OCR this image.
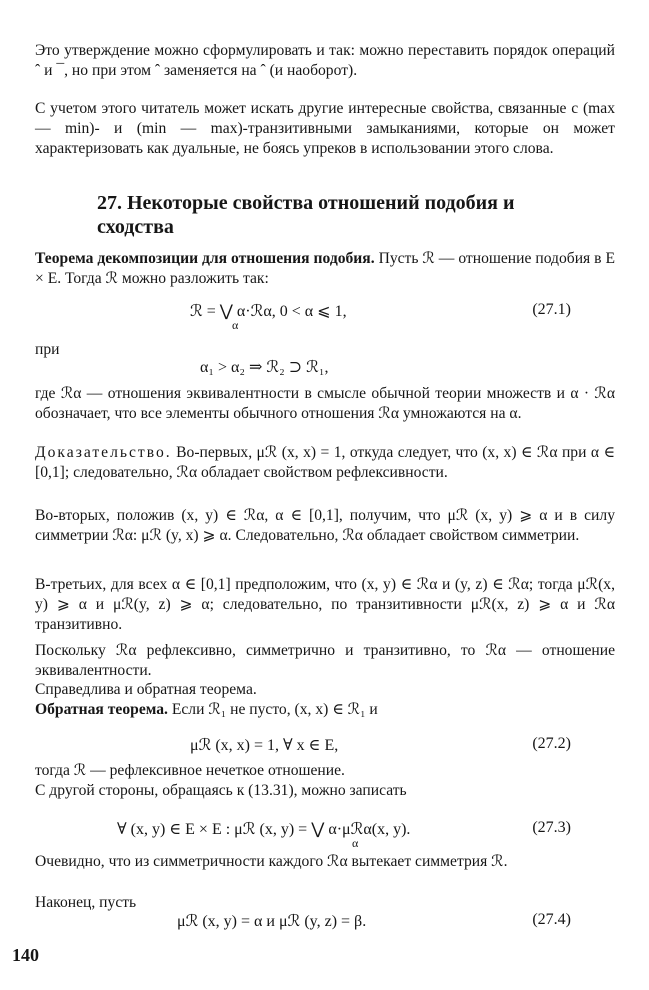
Это утверждение можно сформулировать и так: можно переставить порядок операций ˆ и ¯, но при этом ˆ заменяется на ˆ (и наоборот).
С учетом этого читатель может искать другие интересные свойства, связанные с (max — min)- и (min — max)-транзитивными замыканиями, которые он может характеризовать как дуальные, не боясь упреков в использовании этого слова.
27. Некоторые свойства отношений подобия и сходства
Теорема декомпозиции для отношения подобия. Пусть ℛ — отношение подобия в E × E. Тогда ℛ можно разложить так:
ℛ = ⋁ α·ℛα, 0 < α ⩽ 1,
α
(27.1)
при
α₁ > α₂ ⇒ ℛ₂ ⊃ ℛ₁,
где ℛα — отношения эквивалентности в смысле обычной теории множеств и α · ℛα обозначает, что все элементы обычного отношения ℛα умножаются на α.
Доказательство. Во-первых, μℛ (x, x) = 1, откуда следует, что (x, x) ∈ ℛα при α ∈ [0,1]; следовательно, ℛα обладает свойством рефлексивности.
Во-вторых, положив (x, y) ∈ ℛα, α ∈ [0,1], получим, что μℛ (x, y) ⩾ α и в силу симметрии ℛα: μℛ (y, x) ⩾ α. Следовательно, ℛα обладает свойством симметрии.
В-третьих, для всех α ∈ [0,1] предположим, что (x, y) ∈ ℛα и (y, z) ∈ ℛα; тогда μℛ(x, y) ⩾ α и μℛ(y, z) ⩾ α; следовательно, по транзитивности μℛ(x, z) ⩾ α и ℛα транзитивно.
Поскольку ℛα рефлексивно, симметрично и транзитивно, то ℛα — отношение эквивалентности.
Справедлива и обратная теорема.
Обратная теорема. Если ℛ₁ не пусто, (x, x) ∈ ℛ₁ и
μℛ (x, x) = 1, ∀ x ∈ E,	(27.2)
тогда ℛ — рефлексивное нечеткое отношение.
С другой стороны, обращаясь к (13.31), можно записать
∀ (x, y) ∈ E × E : μℛ (x, y) = ⋁ α·μℛα(x, y).
α
(27.3)
Очевидно, что из симметричности каждого ℛα вытекает симметрия ℛ.
Наконец, пусть
μℛ (x, y) = α и μℛ (y, z) = β.	(27.4)
140
